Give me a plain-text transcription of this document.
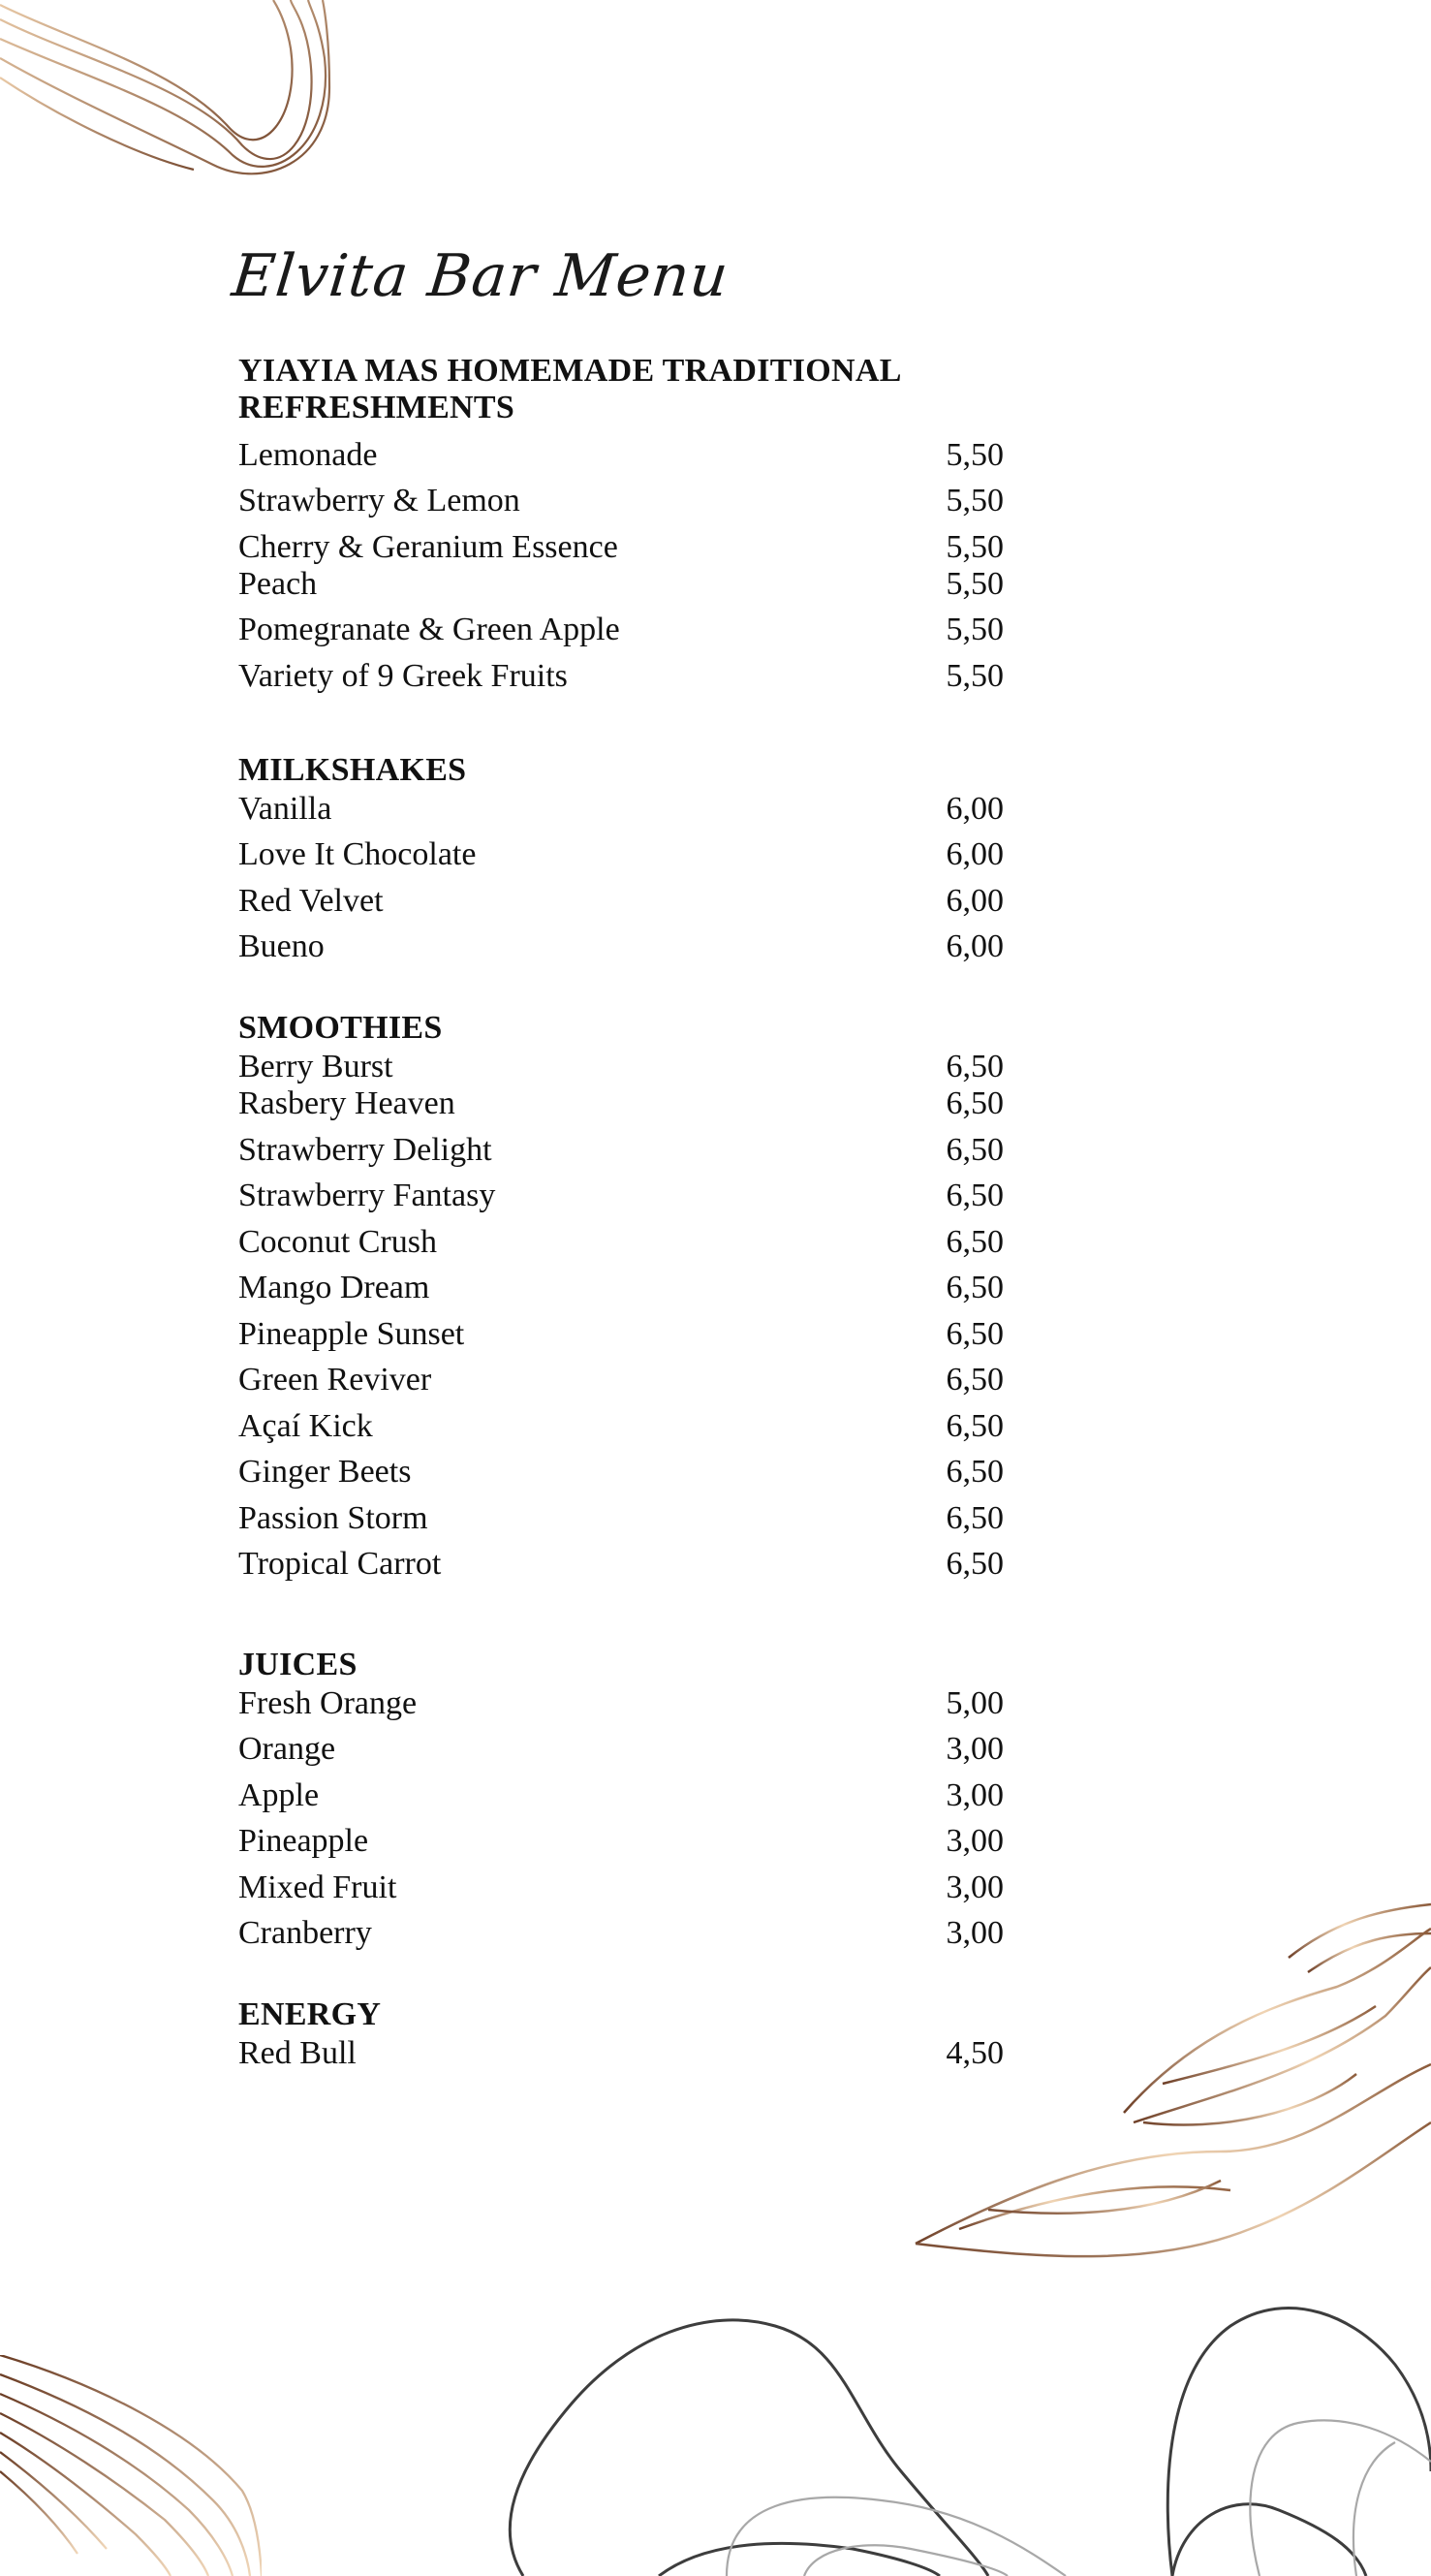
Elvita Bar Menu
YIAYIA MAS HOMEMADE TRADITIONAL
REFRESHMENTS
Lemonade	5,50
Strawberry & Lemon	5,50
Cherry & Geranium Essence	5,50
Peach	5,50
Pomegranate & Green Apple	5,50
Variety of 9 Greek Fruits	5,50
MILKSHAKES
Vanilla	6,00
Love It Chocolate	6,00
Red Velvet	6,00
Bueno	6,00
SMOOTHIES
Berry Burst	6,50
Rasbery Heaven	6,50
Strawberry Delight	6,50
Strawberry Fantasy	6,50
Coconut Crush	6,50
Mango Dream	6,50
Pineapple Sunset	6,50
Green Reviver	6,50
Açaí Kick	6,50
Ginger Beets	6,50
Passion Storm	6,50
Tropical Carrot	6,50
JUICES
Fresh Orange	5,00
Orange	3,00
Apple	3,00
Pineapple	3,00
Mixed Fruit	3,00
Cranberry	3,00
ENERGY
Red Bull	4,50
